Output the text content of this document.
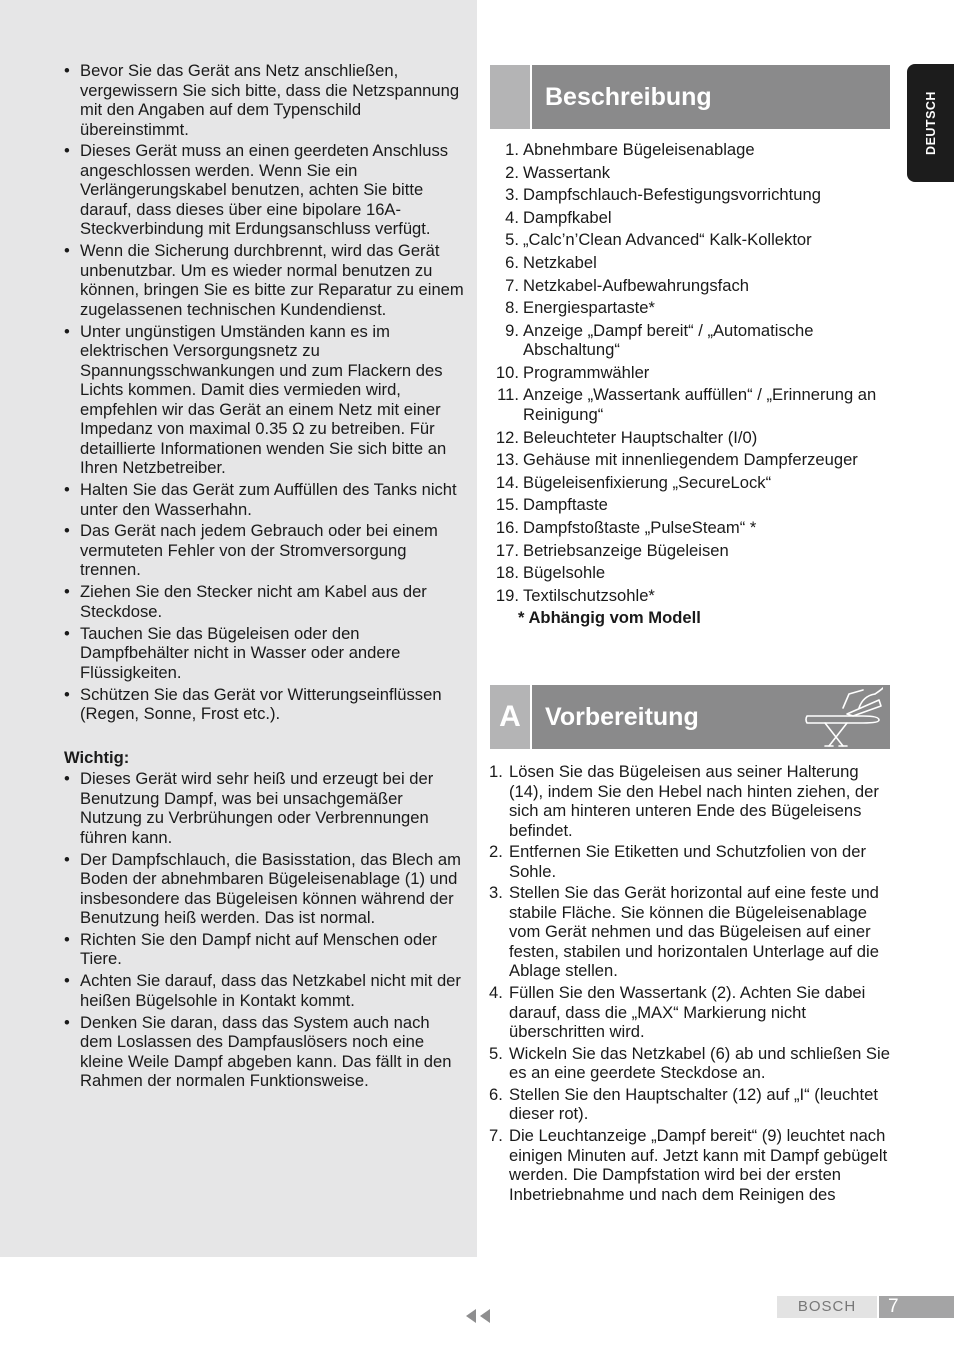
• Bevor Sie das Gerät ans Netz anschließen, vergewissern Sie sich bitte, dass die Netzspannung mit den Angaben auf dem Typenschild übereinstimmt.
• Dieses Gerät muss an einen geerdeten Anschluss angeschlossen werden. Wenn Sie ein Verlängerungskabel benutzen, achten Sie bitte darauf, dass dieses über eine bipolare 16A-Steckverbindung mit Erdungsanschluss verfügt.
• Wenn die Sicherung durchbrennt, wird das Gerät unbenutzbar. Um es wieder normal benutzen zu können, bringen Sie es bitte zur Reparatur zu einem zugelassenen technischen Kundendienst.
• Unter ungünstigen Umständen kann es im elektrischen Versorgungsnetz zu Spannungsschwankungen und zum Flackern des Lichts kommen. Damit dies vermieden wird, empfehlen wir das Gerät an einem Netz mit einer Impedanz von maximal 0.35 Ω zu betreiben. Für detaillierte Informationen wenden Sie sich bitte an Ihren Netzbetreiber.
• Halten Sie das Gerät zum Auffüllen des Tanks nicht unter den Wasserhahn.
• Das Gerät nach jedem Gebrauch oder bei einem vermuteten Fehler von der Stromversorgung trennen.
• Ziehen Sie den Stecker nicht am Kabel aus der Steckdose.
• Tauchen Sie das Bügeleisen oder den Dampfbehälter nicht in Wasser oder andere Flüssigkeiten.
• Schützen Sie das Gerät vor Witterungseinflüssen (Regen, Sonne, Frost etc.).
Wichtig:
• Dieses Gerät wird sehr heiß und erzeugt bei der Benutzung Dampf, was bei unsachgemäßer Nutzung zu Verbrühungen oder Verbrennungen führen kann.
• Der Dampfschlauch, die Basisstation, das Blech am Boden der abnehmbaren Bügeleisenablage (1) und insbesondere das Bügeleisen können während der Benutzung heiß werden. Das ist normal.
• Richten Sie den Dampf nicht auf Menschen oder Tiere.
• Achten Sie darauf, dass das Netzkabel nicht mit der heißen Bügelsohle in Kontakt kommt.
• Denken Sie daran, dass das System auch nach dem Loslassen des Dampfauslösers noch eine kleine Weile Dampf abgeben kann. Das fällt in den Rahmen der normalen Funktionsweise.
Beschreibung
1. Abnehmbare Bügeleisenablage
2. Wassertank
3. Dampfschlauch-Befestigungsvorrichtung
4. Dampfkabel
5. „Calc’n’Clean Advanced“ Kalk-Kollektor
6. Netzkabel
7. Netzkabel-Aufbewahrungsfach
8. Energiespartaste*
9. Anzeige „Dampf bereit“ / „Automatische Abschaltung“
10. Programmwähler
11. Anzeige „Wassertank auffüllen“ / „Erinnerung an Reinigung“
12. Beleuchteter Hauptschalter (I/0)
13. Gehäuse mit innenliegendem Dampferzeuger
14. Bügeleisenfixierung „SecureLock“
15. Dampftaste
16. Dampfstoßtaste „PulseSteam“ *
17. Betriebsanzeige Bügeleisen
18. Bügelsohle
19. Textilschutzsohle*
* Abhängig vom Modell
A Vorbereitung
1. Lösen Sie das Bügeleisen aus seiner Halterung (14), indem Sie den Hebel nach hinten ziehen, der sich am hinteren unteren Ende des Bügeleisens befindet.
2. Entfernen Sie Etiketten und Schutzfolien von der Sohle.
3. Stellen Sie das Gerät horizontal auf eine feste und stabile Fläche. Sie können die Bügeleisenablage vom Gerät nehmen und das Bügeleisen auf einer festen, stabilen und horizontalen Unterlage auf die Ablage stellen.
4. Füllen Sie den Wassertank (2). Achten Sie dabei darauf, dass die „MAX“ Markierung nicht überschritten wird.
5. Wickeln Sie das Netzkabel (6) ab und schließen Sie es an eine geerdete Steckdose an.
6. Stellen Sie den Hauptschalter (12) auf „I“ (leuchtet dieser rot).
7. Die Leuchtanzeige „Dampf bereit“ (9) leuchtet nach einigen Minuten auf. Jetzt kann mit Dampf gebügelt werden. Die Dampfstation wird bei der ersten Inbetriebnahme und nach dem Reinigen des
DEUTSCH
BOSCH	7
